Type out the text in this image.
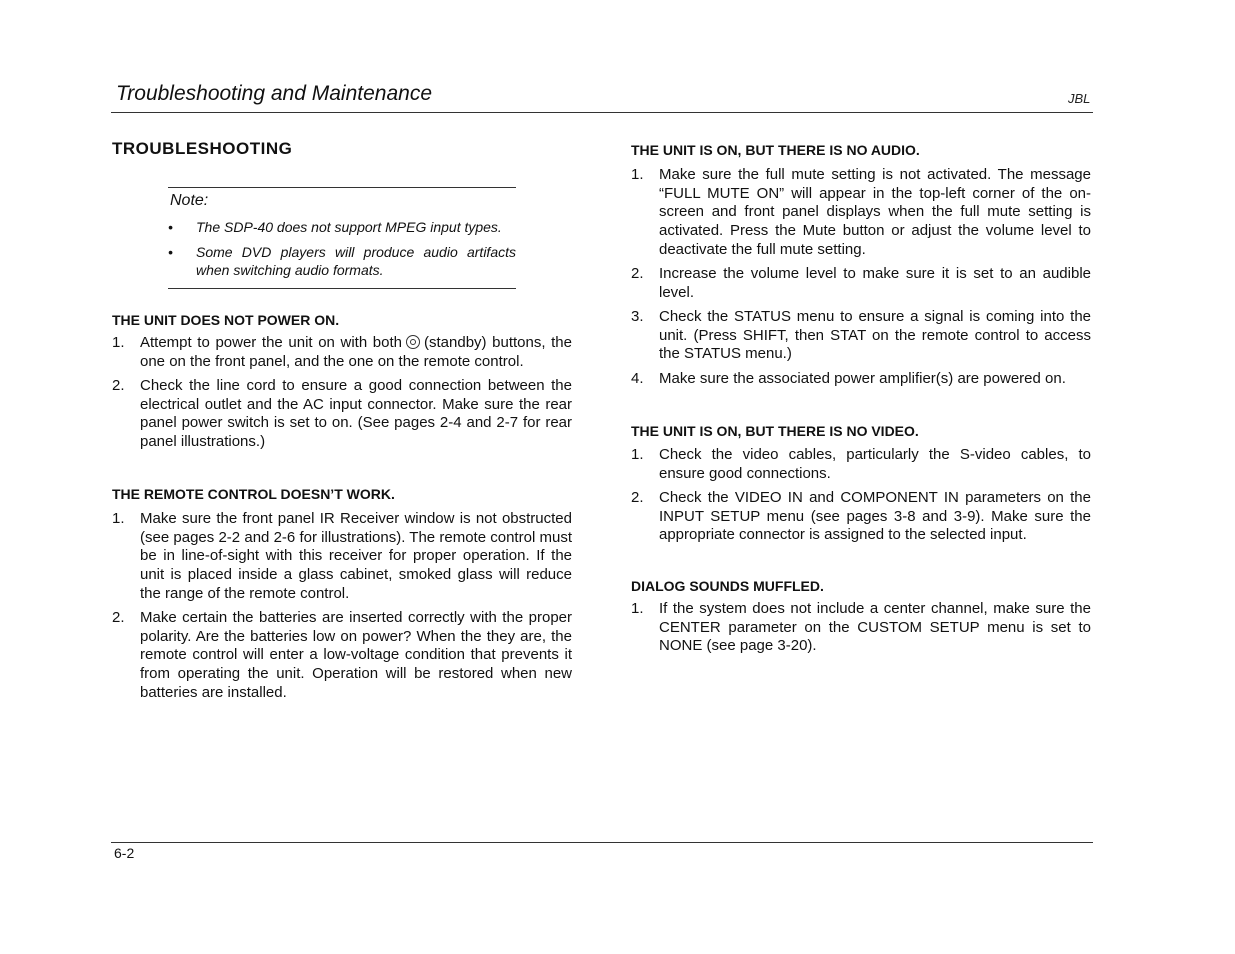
Troubleshooting and Maintenance	JBL
TROUBLESHOOTING
Note:
• The SDP-40 does not support MPEG input types.
• Some DVD players will produce audio artifacts when switching audio formats.
THE UNIT DOES NOT POWER ON.
1. Attempt to power the unit on with both (standby) buttons, the one on the front panel, and the one on the remote control.
2. Check the line cord to ensure a good connection between the electrical outlet and the AC input connector. Make sure the rear panel power switch is set to on. (See pages 2-4 and 2-7 for rear panel illustrations.)
THE REMOTE CONTROL DOESN’T WORK.
1. Make sure the front panel IR Receiver window is not obstructed (see pages 2-2 and 2-6 for illustrations). The remote control must be in line-of-sight with this receiver for proper operation. If the unit is placed inside a glass cabinet, smoked glass will reduce the range of the remote control.
2. Make certain the batteries are inserted correctly with the proper polarity. Are the batteries low on power? When the they are, the remote control will enter a low-voltage condition that prevents it from operating the unit. Operation will be restored when new batteries are installed.
THE UNIT IS ON, BUT THERE IS NO AUDIO.
1. Make sure the full mute setting is not activated. The message “FULL MUTE ON” will appear in the top-left corner of the on-screen and front panel displays when the full mute setting is activated. Press the Mute button or adjust the volume level to deactivate the full mute setting.
2. Increase the volume level to make sure it is set to an audible level.
3. Check the STATUS menu to ensure a signal is coming into the unit. (Press SHIFT, then STAT on the remote control to access the STATUS menu.)
4. Make sure the associated power amplifier(s) are powered on.
THE UNIT IS ON, BUT THERE IS NO VIDEO.
1. Check the video cables, particularly the S-video cables, to ensure good connections.
2. Check the VIDEO IN and COMPONENT IN parameters on the INPUT SETUP menu (see pages 3-8 and 3-9). Make sure the appropriate connector is assigned to the selected input.
DIALOG SOUNDS MUFFLED.
1. If the system does not include a center channel, make sure the CENTER parameter on the CUSTOM SETUP menu is set to NONE (see page 3-20).
6-2
